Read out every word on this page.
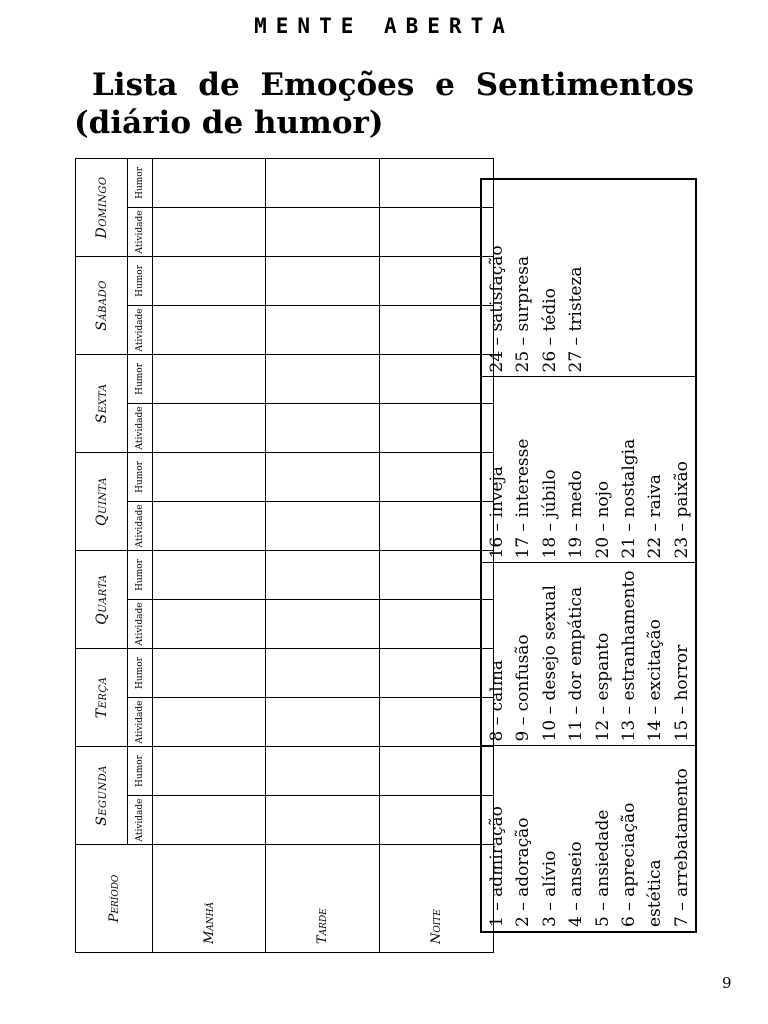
MENTE ABERTA
Lista de Emoções e Sentimentos
(diário de humor)
Período	Segunda		Terça		Quarta		Quinta		Sexta		Sábado		Domingo	
	Atividade	Humor	Atividade	Humor	Atividade	Humor	Atividade	Humor	Atividade	Humor	Atividade	Humor	Atividade	Humor
Manhã														
Tarde														
Noite															1 – admiração 2 – adoração 3 – alívio 4 – anseio 5 – ansiedade 6 – apreciação estética 7 – arrebatamento

8 – calma 9 – confusão 10 – desejo sexual 11 – dor empática 12 – espanto 13 – estranhamento 14 – excitação 15 – horror

16 – inveja 17 – interesse 18 – júbilo 19 – medo 20 – nojo 21 – nostalgia 22 – raiva 23 – paixão

24 – satisfação 25 – surpresa 26 – tédio 27 – tristeza
9
